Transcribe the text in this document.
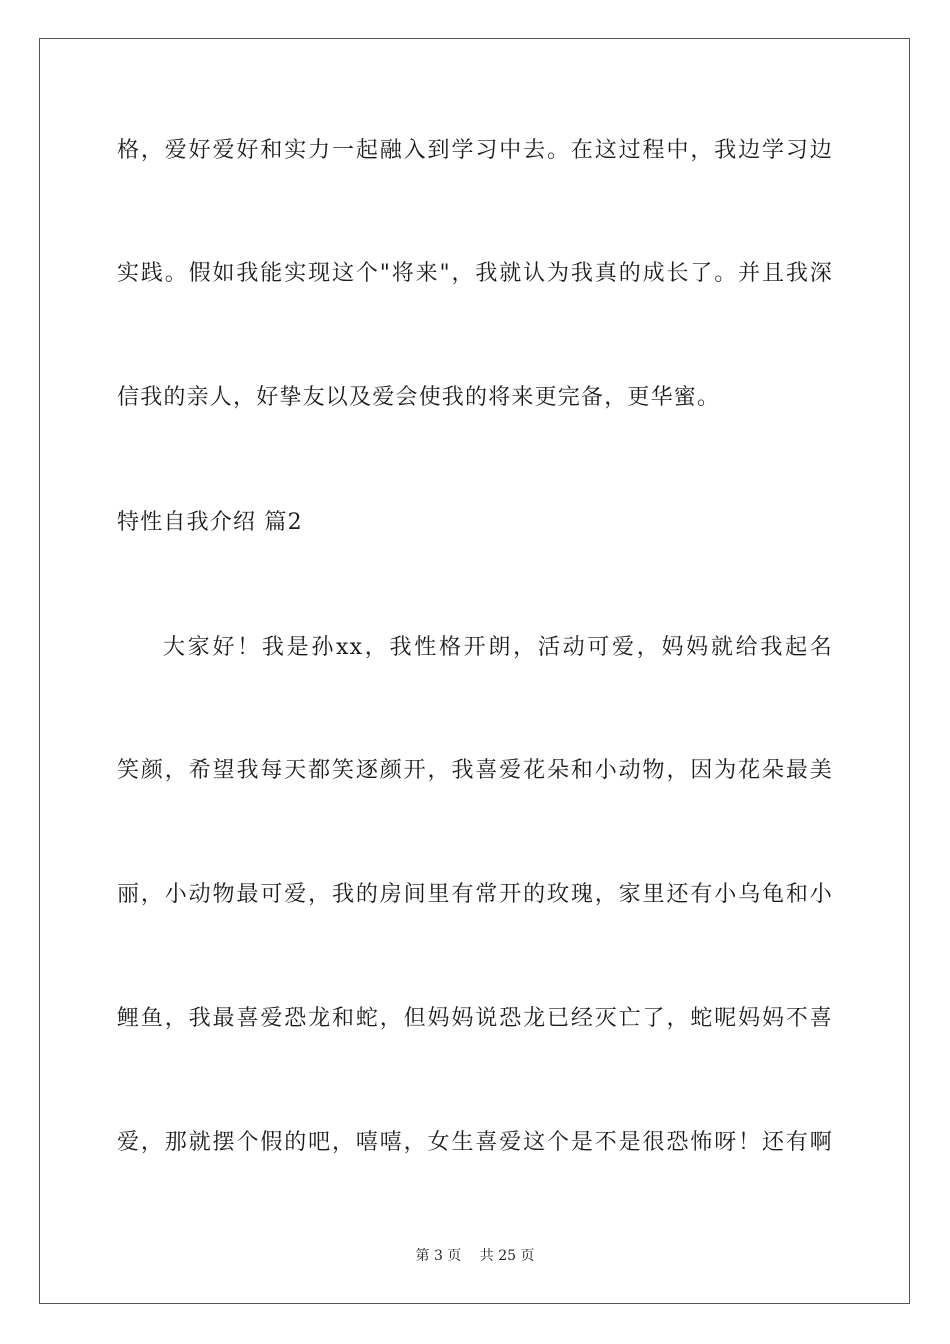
格，爱好爱好和实力一起融入到学习中去。在这过程中，我边学习边
实践。假如我能实现这个"将来"，我就认为我真的成长了。并且我深
信我的亲人，好挚友以及爱会使我的将来更完备，更华蜜。
特性自我介绍 篇2
大家好！我是孙xx，我性格开朗，活动可爱，妈妈就给我起名
笑颜，希望我每天都笑逐颜开，我喜爱花朵和小动物，因为花朵最美
丽，小动物最可爱，我的房间里有常开的玫瑰，家里还有小乌龟和小
鲤鱼，我最喜爱恐龙和蛇，但妈妈说恐龙已经灭亡了，蛇呢妈妈不喜
爱，那就摆个假的吧，嘻嘻，女生喜爱这个是不是很恐怖呀！还有啊
第 3 页　 共 25 页
